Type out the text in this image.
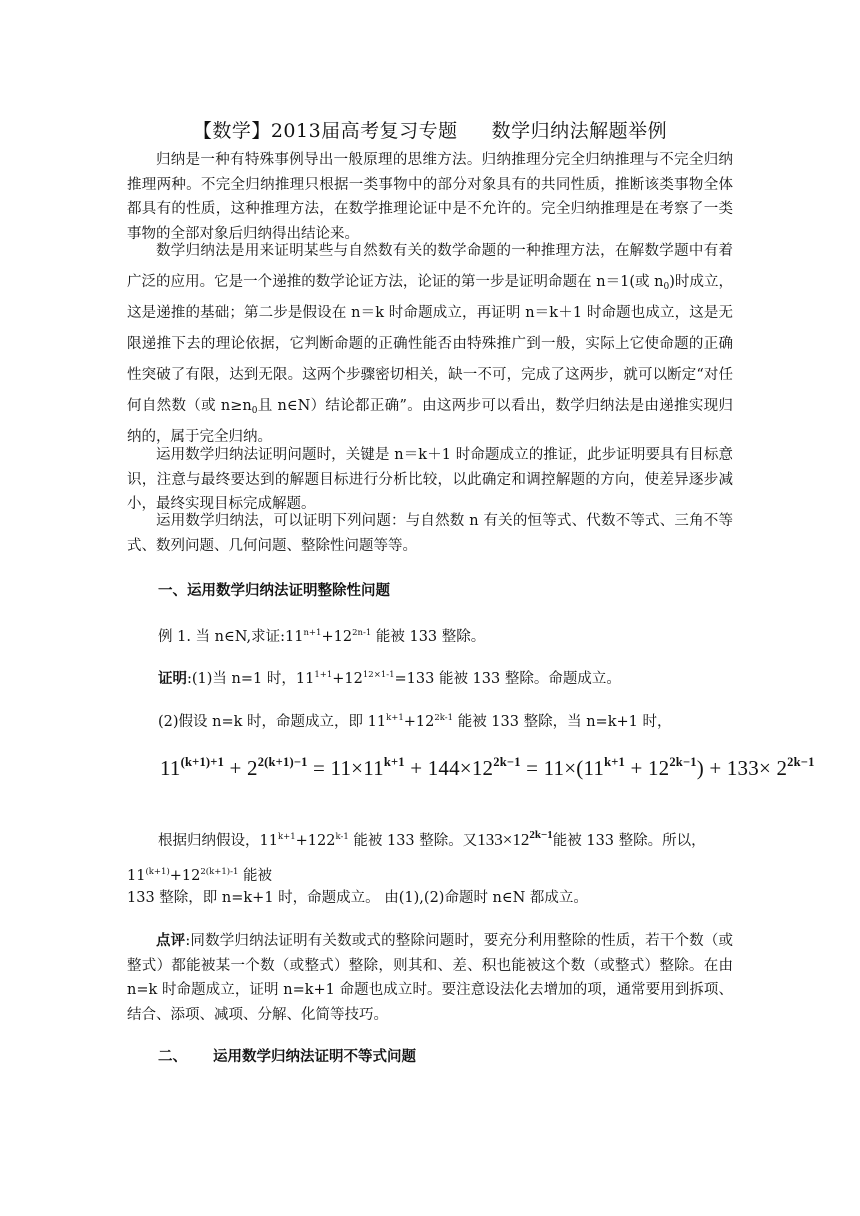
【数学】2013届高考复习专题 数学归纳法解题举例
归纳是一种有特殊事例导出一般原理的思维方法。归纳推理分完全归纳推理与不完全归纳推理两种。不完全归纳推理只根据一类事物中的部分对象具有的共同性质，推断该类事物全体都具有的性质，这种推理方法，在数学推理论证中是不允许的。完全归纳推理是在考察了一类事物的全部对象后归纳得出结论来。
数学归纳法是用来证明某些与自然数有关的数学命题的一种推理方法，在解数学题中有着广泛的应用。它是一个递推的数学论证方法，论证的第一步是证明命题在 n＝1(或 $n_0$)时成立，这是递推的基础；第二步是假设在 n＝k 时命题成立，再证明 n＝k＋1 时命题也成立，这是无限递推下去的理论依据，它判断命题的正确性能否由特殊推广到一般，实际上它使命题的正确性突破了有限，达到无限。这两个步骤密切相关，缺一不可，完成了这两步，就可以断定“对任何自然数（或 $n\ge n_0$且 n∈N）结论都正确”。由这两步可以看出，数学归纳法是由递推实现归纳的，属于完全归纳。
运用数学归纳法证明问题时，关键是 n＝k＋1 时命题成立的推证，此步证明要具有目标意识，注意与最终要达到的解题目标进行分析比较，以此确定和调控解题的方向，使差异逐步减小，最终实现目标完成解题。
运用数学归纳法，可以证明下列问题：与自然数 n 有关的恒等式、代数不等式、三角不等式、数列问题、几何问题、整除性问题等等。
一、运用数学归纳法证明整除性问题
例 1. 当 n∈N,求证$:11^{n+1}+12^{2n-1}$ 能被 133 整除。
证明:(1)当 n=1 时，$11^{1+1}+12^{12\times 1-1}=133$ 能被 133 整除。命题成立。
(2)假设 n=k 时，命题成立，即 $11^{k+1}+12^{2k-1}$ 能被 133 整除，当 n=k+1 时，
$11^{(k+1)+1} + 2^{2(k+1)-1} = 11\times 11^{k+1} + 144\times 12^{2k-1} = 11\times(11^{k+1} + 12^{2k-1}) + 133\times 2^{2k-1}$
根据归纳假设，$11^{k+1}+122^{k-1}$ 能被 133 整除。又$133\times 12^{2k-1}$能被 133 整除。所以，
$11^{(k+1)}+12^{2(k+1)-1}$ 能被
133 整除，即 n=k+1 时，命题成立。 由(1),(2)命题时 n∈N 都成立。
点评:同数学归纳法证明有关数或式的整除问题时，要充分利用整除的性质，若干个数（或整式）都能被某一个数（或整式）整除，则其和、差、积也能被这个数（或整式）整除。在由 n=k 时命题成立，证明 n=k+1 命题也成立时。要注意设法化去增加的项，通常要用到拆项、结合、添项、减项、分解、化简等技巧。
二、 运用数学归纳法证明不等式问题
